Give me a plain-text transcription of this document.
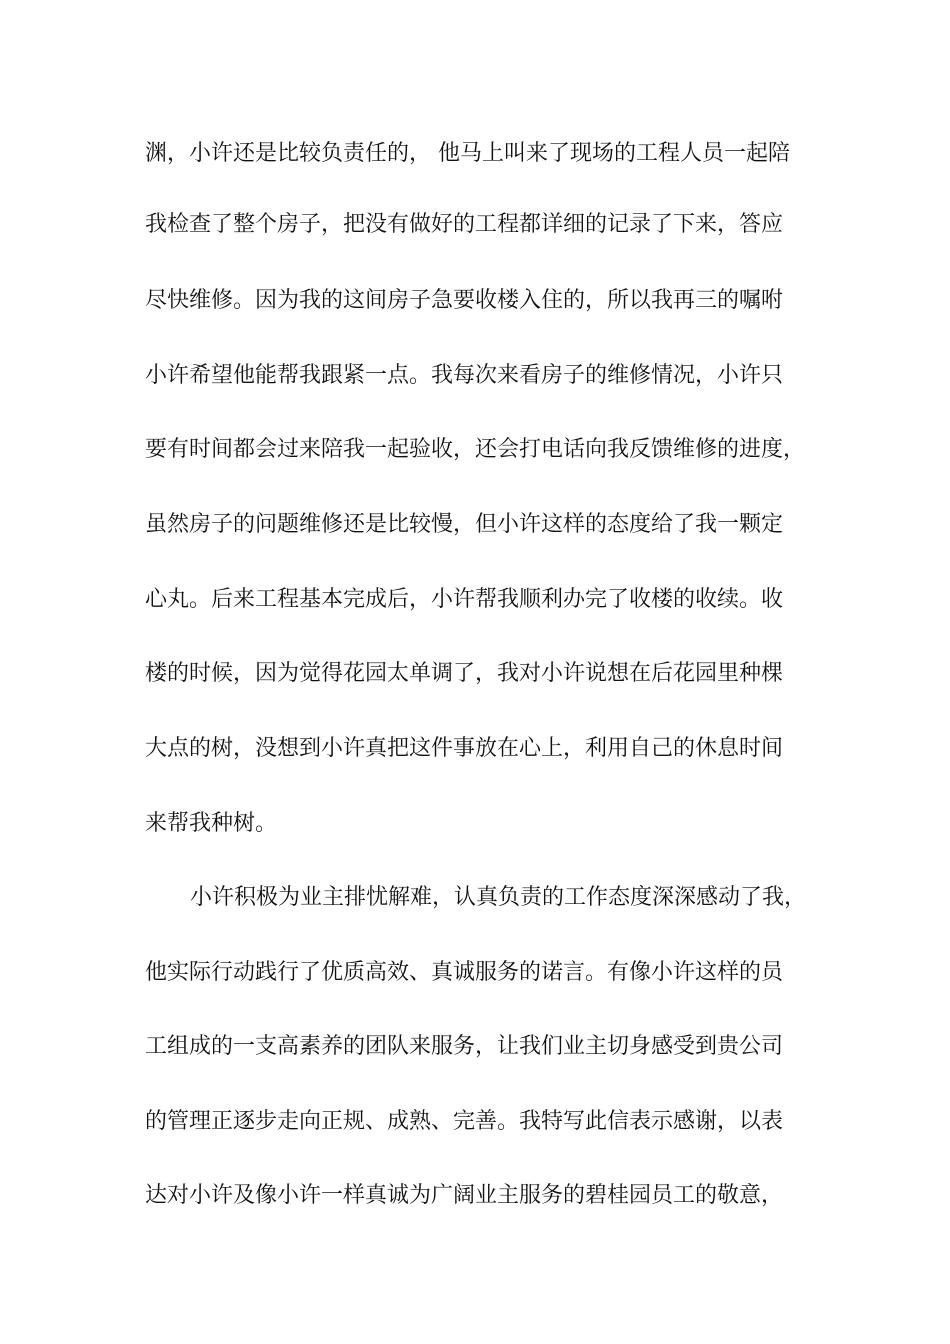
渊，小许还是比较负责任的， 他马上叫来了现场的工程人员一起陪

我检查了整个房子，把没有做好的工程都详细的记录了下来，答应

尽快维修。因为我的这间房子急要收楼入住的，所以我再三的嘱咐

小许希望他能帮我跟紧一点。我每次来看房子的维修情况，小许只

要有时间都会过来陪我一起验收，还会打电话向我反馈维修的进度，

虽然房子的问题维修还是比较慢，但小许这样的态度给了我一颗定

心丸。后来工程基本完成后，小许帮我顺利办完了收楼的收续。收

楼的时候，因为觉得花园太单调了，我对小许说想在后花园里种棵

大点的树，没想到小许真把这件事放在心上，利用自己的休息时间

来帮我种树。

小许积极为业主排忧解难，认真负责的工作态度深深感动了我，

他实际行动践行了优质高效、真诚服务的诺言。有像小许这样的员

工组成的一支高素养的团队来服务，让我们业主切身感受到贵公司

的管理正逐步走向正规、成熟、完善。我特写此信表示感谢，以表

达对小许及像小许一样真诚为广阔业主服务的碧桂园员工的敬意，
